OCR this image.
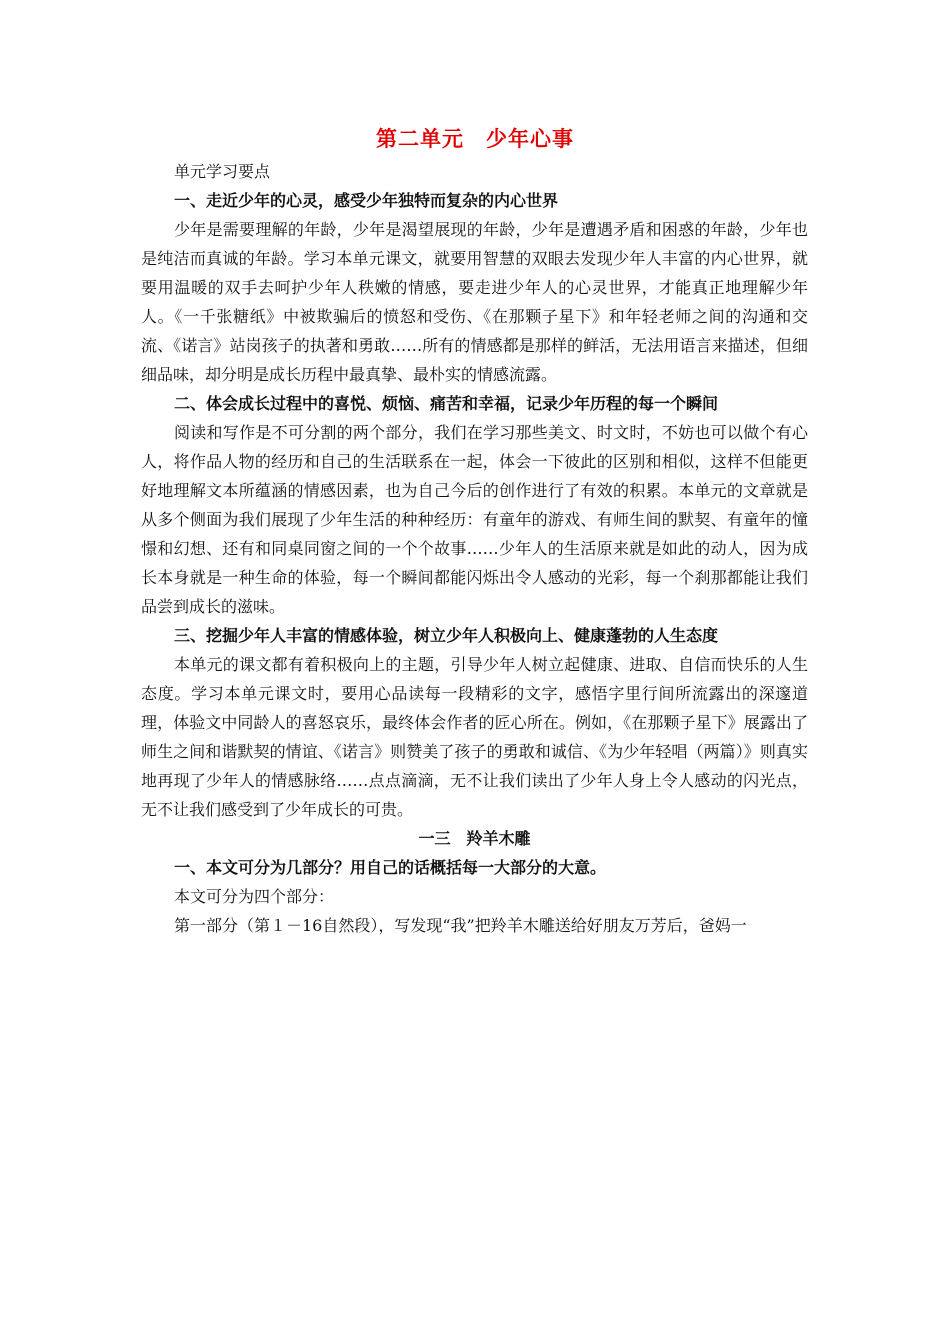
第二单元　少年心事
单元学习要点
一、走近少年的心灵，感受少年独特而复杂的内心世界

少年是需要理解的年龄，少年是渴望展现的年龄，少年是遭遇矛盾和困惑的年龄，少年也是纯洁而真诚的年龄。学习本单元课文，就要用智慧的双眼去发现少年人丰富的内心世界，就要用温暖的双手去呵护少年人秩嫩的情感，要走进少年人的心灵世界，才能真正地理解少年人。《一千张糖纸》中被欺骗后的愤怒和受伤、《在那颗子星下》和年轻老师之间的沟通和交流、《诺言》站岗孩子的执著和勇敢……所有的情感都是那样的鲜活，无法用语言来描述，但细细品味，却分明是成长历程中最真挚、最朴实的情感流露。

二、体会成长过程中的喜悦、烦恼、痛苦和幸福，记录少年历程的每一个瞬间

阅读和写作是不可分割的两个部分，我们在学习那些美文、时文时，不妨也可以做个有心人，将作品人物的经历和自己的生活联系在一起，体会一下彼此的区别和相似，这样不但能更好地理解文本所蕴涵的情感因素，也为自己今后的创作进行了有效的积累。本单元的文章就是从多个侧面为我们展现了少年生活的种种经历：有童年的游戏、有师生间的默契、有童年的憧憬和幻想、还有和同桌同窗之间的一个个故事……少年人的生活原来就是如此的动人，因为成长本身就是一种生命的体验，每一个瞬间都能闪烁出令人感动的光彩，每一个刹那都能让我们品尝到成长的滋味。

三、挖掘少年人丰富的情感体验，树立少年人积极向上、健康蓬勃的人生态度

本单元的课文都有着积极向上的主题，引导少年人树立起健康、进取、自信而快乐的人生态度。学习本单元课文时，要用心品读每一段精彩的文字，感悟字里行间所流露出的深邃道理，体验文中同龄人的喜怒哀乐，最终体会作者的匠心所在。例如，《在那颗子星下》展露出了师生之间和谐默契的情谊、《诺言》则赞美了孩子的勇敢和诚信、《为少年轻唱（两篇）》则真实地再现了少年人的情感脉络……点点滴滴，无不让我们读出了少年人身上令人感动的闪光点，无不让我们感受到了少年成长的可贵。

一三　羚羊木雕
一、本文可分为几部分？用自己的话概括每一大部分的大意。
本文可分为四个部分：
第一部分（第１－16自然段），写发现“我”把羚羊木雕送给好朋友万芳后，爸妈一
